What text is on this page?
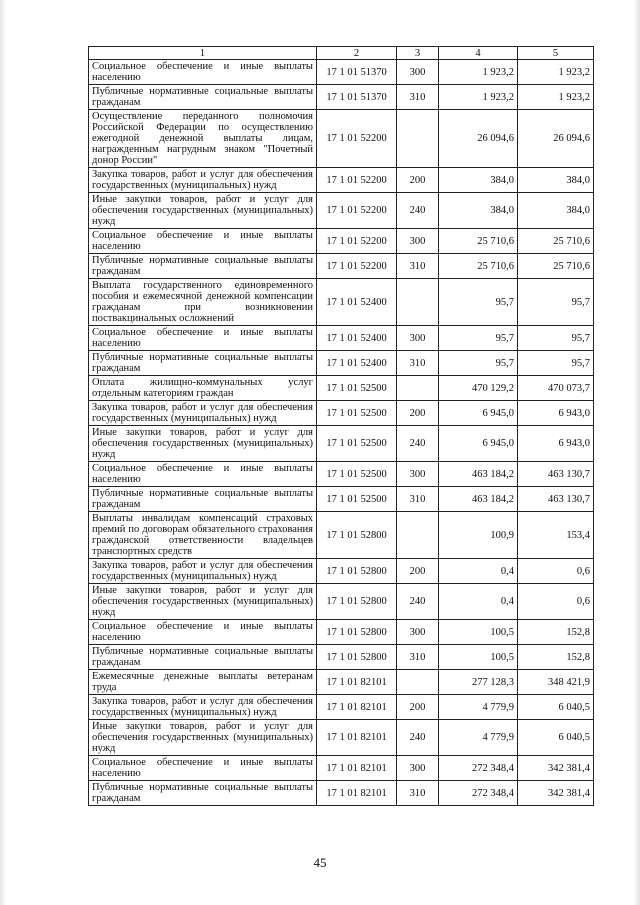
1	2	3	4	5
Социальное обеспечение и иные выплаты населению	17 1 01 51370	300	1 923,2	1 923,2
Публичные нормативные социальные выплаты гражданам	17 1 01 51370	310	1 923,2	1 923,2
Осуществление переданного полномочия Российской Федерации по осуществлению ежегодной денежной выплаты лицам, награжденным нагрудным знаком "Почетный донор России"	17 1 01 52200		26 094,6	26 094,6
Закупка товаров, работ и услуг для обеспечения государственных (муниципальных) нужд	17 1 01 52200	200	384,0	384,0
Иные закупки товаров, работ и услуг для обеспечения государственных (муниципальных) нужд	17 1 01 52200	240	384,0	384,0
Социальное обеспечение и иные выплаты населению	17 1 01 52200	300	25 710,6	25 710,6
Публичные нормативные социальные выплаты гражданам	17 1 01 52200	310	25 710,6	25 710,6
Выплата государственного единовременного пособия и ежемесячной денежной компенсации гражданам при возникновении поствакцинальных осложнений	17 1 01 52400		95,7	95,7
Социальное обеспечение и иные выплаты населению	17 1 01 52400	300	95,7	95,7
Публичные нормативные социальные выплаты гражданам	17 1 01 52400	310	95,7	95,7
Оплата жилищно-коммунальных услуг отдельным категориям граждан	17 1 01 52500		470 129,2	470 073,7
Закупка товаров, работ и услуг для обеспечения государственных (муниципальных) нужд	17 1 01 52500	200	6 945,0	6 943,0
Иные закупки товаров, работ и услуг для обеспечения государственных (муниципальных) нужд	17 1 01 52500	240	6 945,0	6 943,0
Социальное обеспечение и иные выплаты населению	17 1 01 52500	300	463 184,2	463 130,7
Публичные нормативные социальные выплаты гражданам	17 1 01 52500	310	463 184,2	463 130,7
Выплаты инвалидам компенсаций страховых премий по договорам обязательного страхования гражданской ответственности владельцев транспортных средств	17 1 01 52800		100,9	153,4
Закупка товаров, работ и услуг для обеспечения государственных (муниципальных) нужд	17 1 01 52800	200	0,4	0,6
Иные закупки товаров, работ и услуг для обеспечения государственных (муниципальных) нужд	17 1 01 52800	240	0,4	0,6
Социальное обеспечение и иные выплаты населению	17 1 01 52800	300	100,5	152,8
Публичные нормативные социальные выплаты гражданам	17 1 01 52800	310	100,5	152,8
Ежемесячные денежные выплаты ветеранам труда	17 1 01 82101		277 128,3	348 421,9
Закупка товаров, работ и услуг для обеспечения государственных (муниципальных) нужд	17 1 01 82101	200	4 779,9	6 040,5
Иные закупки товаров, работ и услуг для обеспечения государственных (муниципальных) нужд	17 1 01 82101	240	4 779,9	6 040,5
Социальное обеспечение и иные выплаты населению	17 1 01 82101	300	272 348,4	342 381,4
Публичные нормативные социальные выплаты гражданам	17 1 01 82101	310	272 348,4	342 381,4
45
